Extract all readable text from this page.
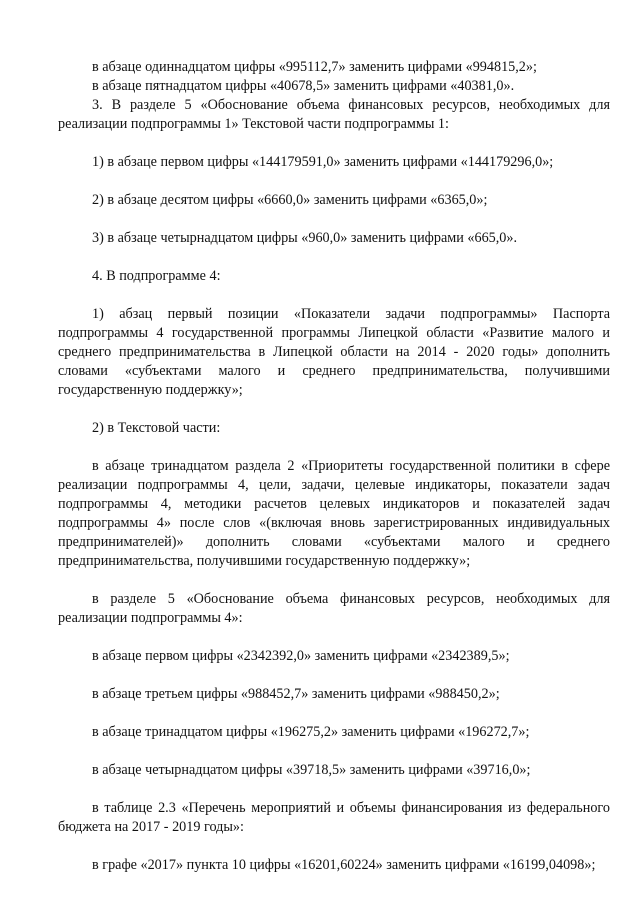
в абзаце одиннадцатом цифры «995112,7» заменить цифрами «994815,2»;

в абзаце пятнадцатом цифры «40678,5» заменить цифрами «40381,0».

3. В разделе 5 «Обоснование объема финансовых ресурсов, необходимых для реализации подпрограммы 1» Текстовой части подпрограммы 1:

1) в абзаце первом цифры «144179591,0» заменить цифрами «144179296,0»;

2) в абзаце десятом цифры «6660,0» заменить цифрами «6365,0»;

3) в абзаце четырнадцатом цифры «960,0» заменить цифрами «665,0».

4. В подпрограмме 4:

1) абзац первый позиции «Показатели задачи подпрограммы» Паспорта подпрограммы 4 государственной программы Липецкой области «Развитие малого и среднего предпринимательства в Липецкой области на 2014 - 2020 годы» дополнить словами «субъектами малого и среднего предпринимательства, получившими государственную поддержку»;

2) в Текстовой части:

в абзаце тринадцатом раздела 2 «Приоритеты государственной политики в сфере реализации подпрограммы 4, цели, задачи, целевые индикаторы, показатели задач подпрограммы 4, методики расчетов целевых индикаторов и показателей задач подпрограммы 4» после слов «(включая вновь зарегистрированных индивидуальных предпринимателей)» дополнить словами «субъектами малого и среднего предпринимательства, получившими государственную поддержку»;

в разделе 5 «Обоснование объема финансовых ресурсов, необходимых для реализации подпрограммы 4»:

в абзаце первом цифры «2342392,0» заменить цифрами «2342389,5»;

в абзаце третьем цифры «988452,7» заменить цифрами «988450,2»;

в абзаце тринадцатом цифры «196275,2» заменить цифрами «196272,7»;

в абзаце четырнадцатом цифры «39718,5» заменить цифрами «39716,0»;

в таблице 2.3 «Перечень мероприятий и объемы финансирования из федерального бюджета на 2017 - 2019 годы»:

в графе «2017» пункта 10 цифры «16201,60224» заменить цифрами «16199,04098»;
